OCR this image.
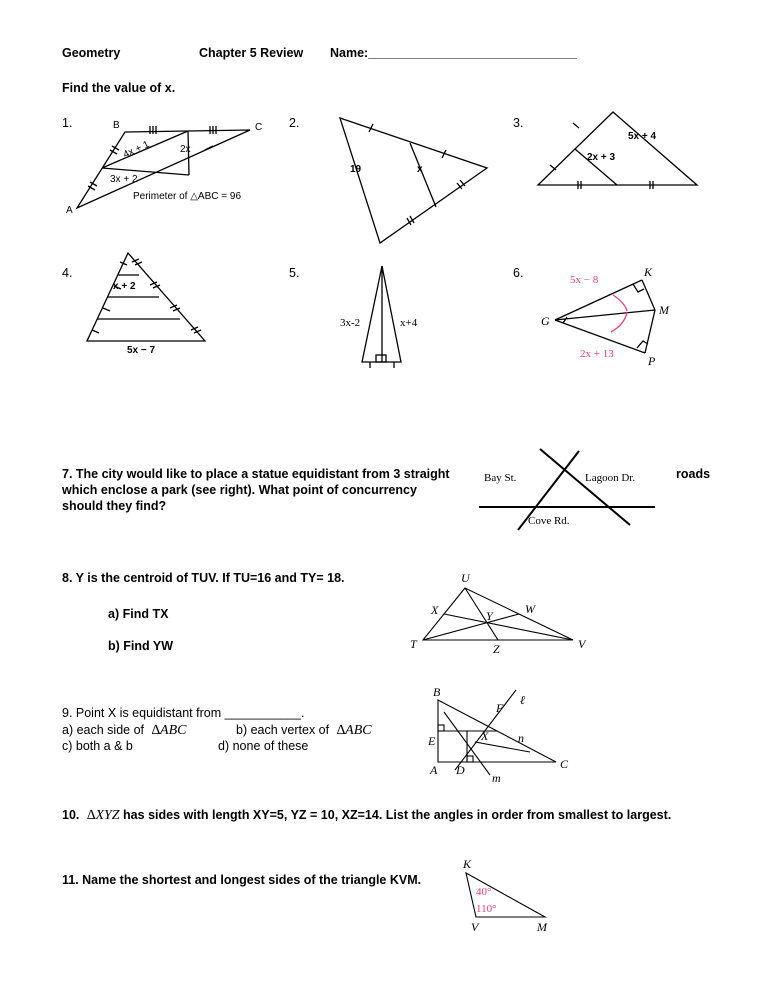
Geometry	Chapter 5 Review Name:______________________________
Find the value of x.
1.	2.	3.
4.	5.	6.
B	C
A
4x + 1	2x
3x + 2
Perimeter of △ABC = 96
19	x
5x + 4
2x + 3
x + 2
5x − 7
3x-2	x+4
5x − 8
2x + 13
K
M
G
P
7. The city would like to place a statue equidistant from 3 straight
which enclose a park (see right). What point of concurrency
should they find?
roads
Bay St.	Lagoon Dr.
Cove Rd.
8. Y is the centroid of TUV. If TU=16 and TY= 18.
a) Find TX
b) Find YW
U
X	W
Y
T	V
Z
9. Point X is equidistant from ___________.
a) each side of ∆ABC	b) each vertex of ∆ABC
c) both a & b	d) none of these
B
F
ℓ
E	X n
A D	C
m
10. ∆XYZ has sides with length XY=5, YZ = 10, XZ=14. List the angles in order from smallest to largest.
11. Name the shortest and longest sides of the triangle KVM.
K
40°
110°
V	M
